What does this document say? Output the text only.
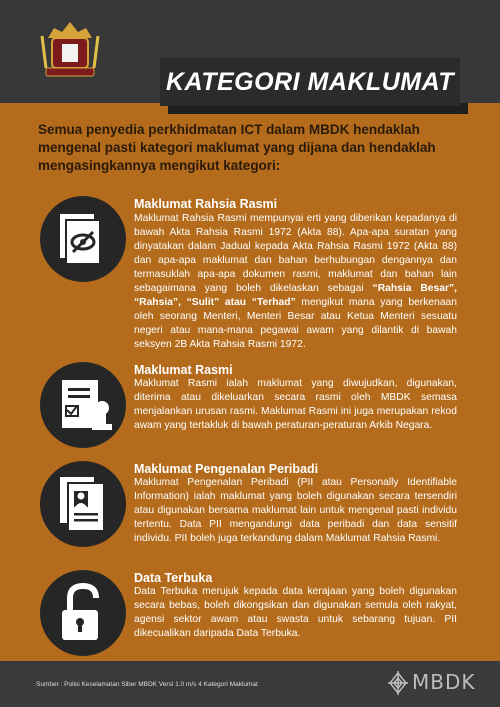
KATEGORI MAKLUMAT
Semua penyedia perkhidmatan ICT dalam MBDK hendaklah mengenal pasti kategori maklumat yang dijana dan hendaklah mengasingkannya mengikut kategori:
Maklumat Rahsia Rasmi
Maklumat Rahsia Rasmi mempunyai erti yang diberikan kepadanya di bawah Akta Rahsia Rasmi 1972 (Akta 88). Apa-apa suratan yang dinyatakan dalam Jadual kepada Akta Rahsia Rasmi 1972 (Akta 88) dan apa-apa maklumat dan bahan berhubungan dengannya dan termasuklah apa-apa dokumen rasmi, maklumat dan bahan lain sebagaimana yang boleh dikelaskan sebagai “Rahsia Besar”, “Rahsia”, “Sulit” atau “Terhad” mengikut mana yang berkenaan oleh seorang Menteri, Menteri Besar atau Ketua Menteri sesuatu negeri atau mana-mana pegawai awam yang dilantik di bawah seksyen 2B Akta Rahsia Rasmi 1972.
Maklumat Rasmi
Maklumat Rasmi ialah maklumat yang diwujudkan, digunakan, diterima atau dikeluarkan secara rasmi oleh MBDK semasa menjalankan urusan rasmi. Maklumat Rasmi ini juga merupakan rekod awam yang tertakluk di bawah peraturan-peraturan Arkib Negara.
Maklumat Pengenalan Peribadi
Maklumat Pengenalan Peribadi (PII atau Personally Identifiable Information) ialah maklumat yang boleh digunakan secara tersendiri atau digunakan bersama maklumat lain untuk mengenal pasti individu tertentu. Data PII mengandungi data peribadi dan data sensitif individu. PII boleh juga terkandung dalam Maklumat Rahsia Rasmi.
Data Terbuka
Data Terbuka merujuk kepada data kerajaan yang boleh digunakan secara bebas, boleh dikongsikan dan digunakan semula oleh rakyat, agensi sektor awam atau swasta untuk sebarang tujuan. PII dikecualikan daripada Data Terbuka.
Sumber : Polisi Keselamatan Siber MBDK Versi 1.0 m/s 4 Kategori Maklumat	MBDK
